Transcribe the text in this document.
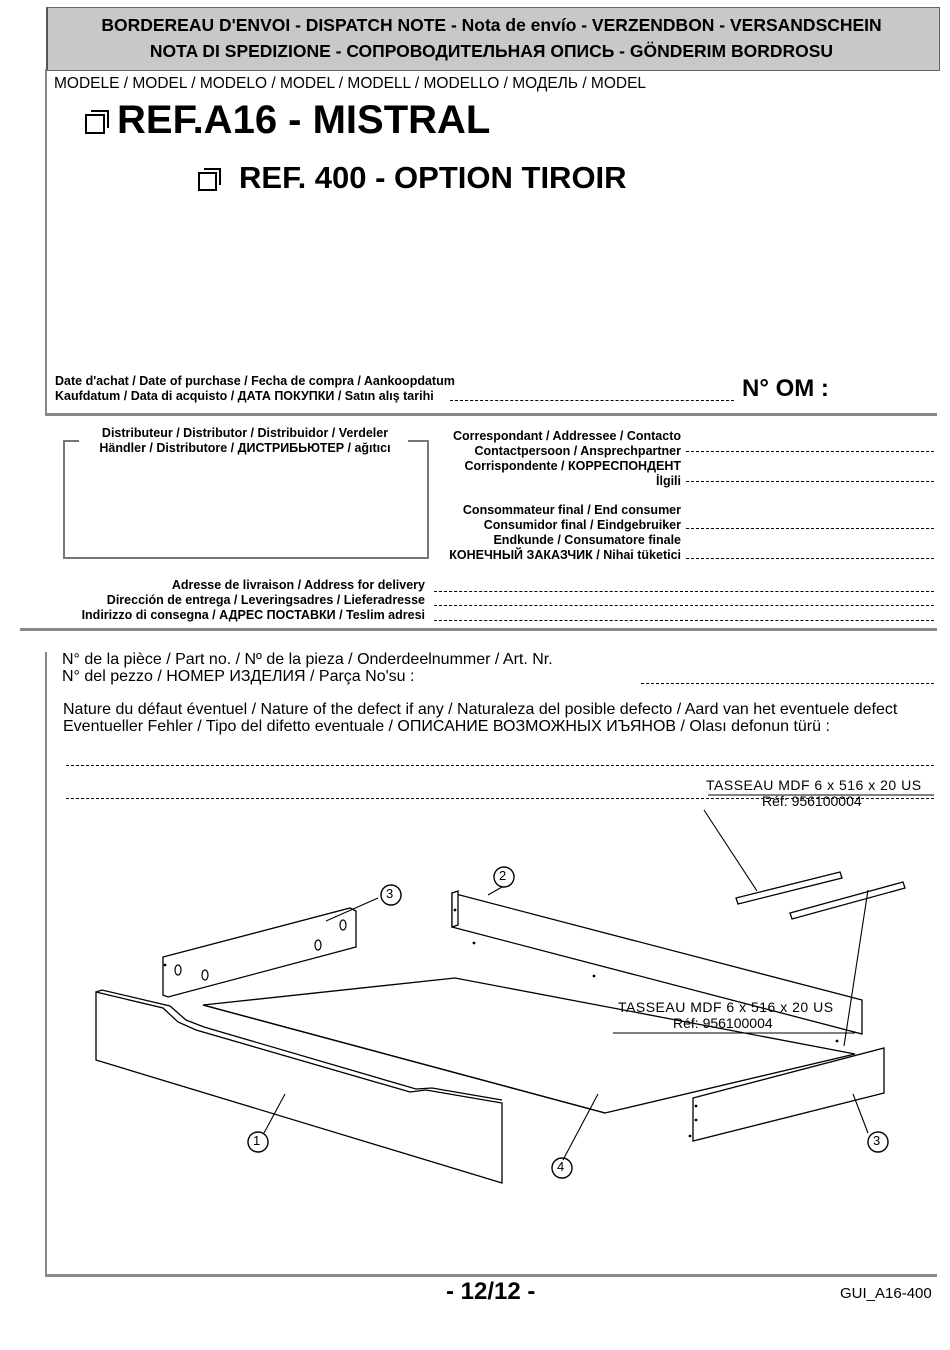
BORDEREAU D'ENVOI - DISPATCH NOTE - Nota de envío - VERZENDBON - VERSANDSCHEIN
NOTA DI SPEDIZIONE - СОПРОВОДИТЕЛЬНАЯ ОПИСЬ - GÖNDERIM BORDROSU
MODELE / MODEL / MODELO / MODEL / MODELL / MODELLO / МОДЕЛЬ / MODEL
REF.A16 - MISTRAL
REF. 400 - OPTION TIROIR
Date d'achat / Date of purchase / Fecha de compra / Aankoopdatum
Kaufdatum / Data di acquisto / ДАТА ПОКУПКИ / Satın alış tarihi	N° OM :
Distributeur / Distributor / Distribuidor / Verdeler
Händler / Distributore / ДИСТРИБЬЮТЕР / ağıtıcı
Correspondant / Addressee / Contacto
Contactpersoon / Ansprechpartner
Corrispondente / КОРРЕСПОНДЕНТ
İlgili
Consommateur final / End consumer
Consumidor final / Eindgebruiker
Endkunde / Consumatore finale
КОНЕЧНЫЙ ЗАКАЗЧИК / Nihai tüketici
Adresse de livraison / Address for delivery
Dirección de entrega / Leveringsadres / Lieferadresse
Indirizzo di consegna / АДРЕС ПОСТАВКИ / Teslim adresi
N° de la pièce / Part no. / Nº de la pieza / Onderdeelnummer / Art. Nr.
N° del pezzo / НОМЕР ИЗДЕЛИЯ / Parça No'su :
Nature du défaut éventuel / Nature of the defect if any / Naturaleza del posible defecto / Aard van het eventuele defect
Eventueller Fehler / Tipo del difetto eventuale / ОПИСАНИЕ ВОЗМОЖНЫХ ИЪЯНОВ / Olası defonun türü :
TASSEAU MDF 6 x 516 x 20 US
Réf: 956100004
TASSEAU MDF 6 x 516 x 20 US
Réf: 956100004
3
2
1
4
3
- 12/12 -	GUI_A16-400
